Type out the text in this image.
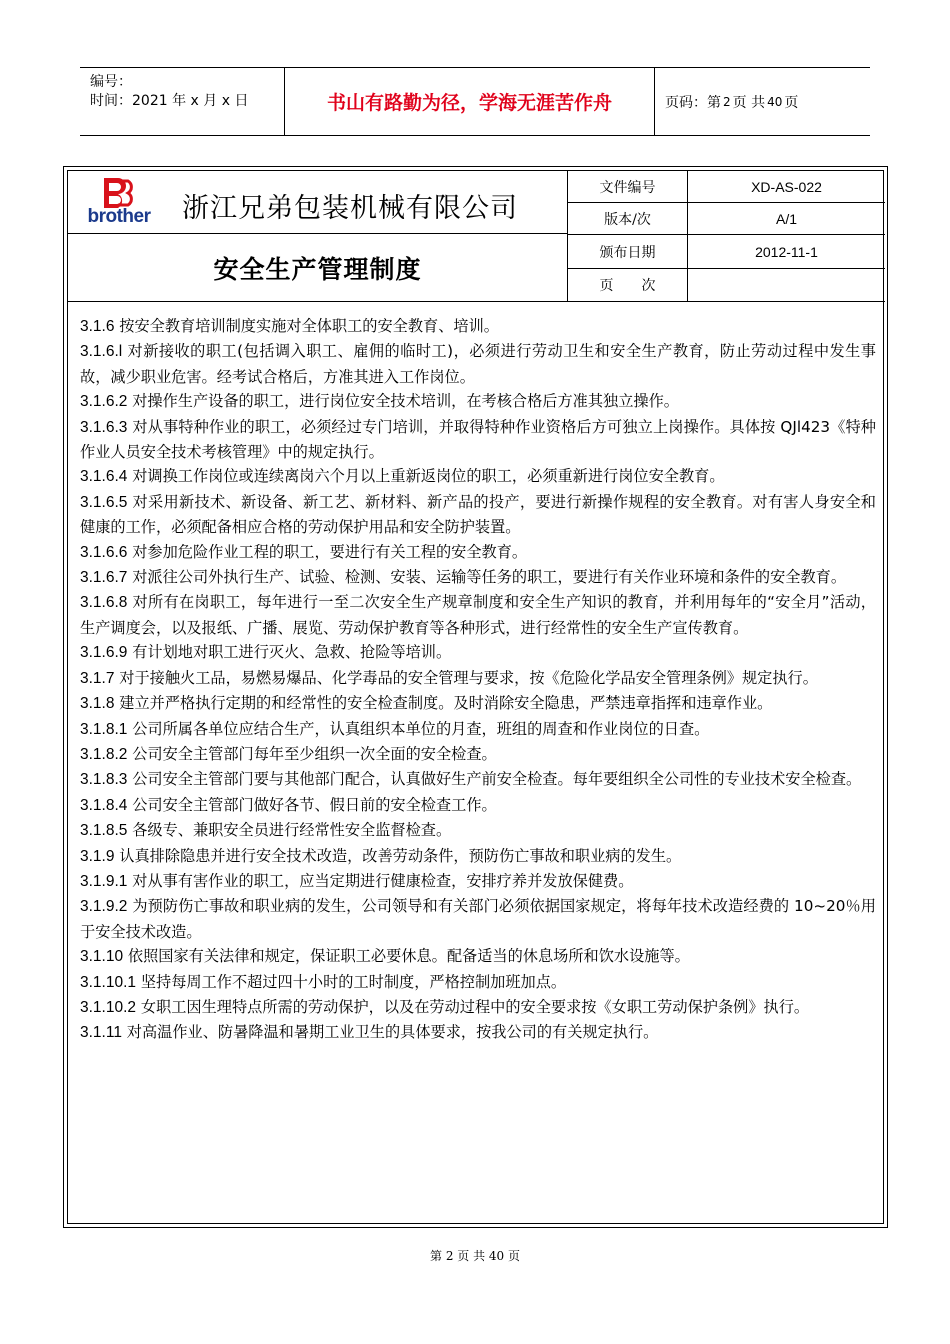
编号：
时间：2021 年 x 月 x 日	书山有路勤为径，学海无涯苦作舟	页码：第 2 页 共 40 页
brother 浙江兄弟包装机械有限公司
安全生产管理制度
文件编号	XD-AS-022
版本/次	A/1
颁布日期	2012-11-1
页　　次

3.1.6 按安全教育培训制度实施对全体职工的安全教育、培训。

3.1.6.l 对新接收的职工(包括调入职工、雇佣的临时工)，必须进行劳动卫生和安全生产教育，防止劳动过程中发生事故，减少职业危害。经考试合格后，方准其进入工作岗位。

3.1.6.2 对操作生产设备的职工，进行岗位安全技术培训，在考核合格后方准其独立操作。

3.1.6.3 对从事特种作业的职工，必须经过专门培训，并取得特种作业资格后方可独立上岗操作。具体按 QJl423《特种作业人员安全技术考核管理》中的规定执行。

3.1.6.4 对调换工作岗位或连续离岗六个月以上重新返岗位的职工，必须重新进行岗位安全教育。

3.1.6.5 对采用新技术、新设备、新工艺、新材料、新产品的投产，要进行新操作规程的安全教育。对有害人身安全和健康的工作，必须配备相应合格的劳动保护用品和安全防护装置。

3.1.6.6 对参加危险作业工程的职工，要进行有关工程的安全教育。

3.1.6.7 对派往公司外执行生产、试验、检测、安装、运输等任务的职工，要进行有关作业环境和条件的安全教育。

3.1.6.8 对所有在岗职工，每年进行一至二次安全生产规章制度和安全生产知识的教育，并利用每年的“安全月”活动，生产调度会，以及报纸、广播、展览、劳动保护教育等各种形式，进行经常性的安全生产宣传教育。

3.1.6.9 有计划地对职工进行灭火、急救、抢险等培训。

3.1.7 对于接触火工品，易燃易爆品、化学毒品的安全管理与要求，按《危险化学品安全管理条例》规定执行。

3.1.8 建立并严格执行定期的和经常性的安全检查制度。及时消除安全隐患，严禁违章指挥和违章作业。

3.1.8.1 公司所属各单位应结合生产，认真组织本单位的月查，班组的周查和作业岗位的日查。

3.1.8.2 公司安全主管部门每年至少组织一次全面的安全检查。

3.1.8.3 公司安全主管部门要与其他部门配合，认真做好生产前安全检查。每年要组织全公司性的专业技术安全检查。

3.1.8.4 公司安全主管部门做好各节、假日前的安全检查工作。

3.1.8.5 各级专、兼职安全员进行经常性安全监督检查。

3.1.9 认真排除隐患并进行安全技术改造，改善劳动条件，预防伤亡事故和职业病的发生。

3.1.9.1 对从事有害作业的职工，应当定期进行健康检查，安排疗养并发放保健费。

3.1.9.2 为预防伤亡事故和职业病的发生，公司领导和有关部门必须依据国家规定，将每年技术改造经费的 10~20％用于安全技术改造。

3.1.10 依照国家有关法律和规定，保证职工必要休息。配备适当的休息场所和饮水设施等。

3.1.10.1 坚持每周工作不超过四十小时的工时制度，严格控制加班加点。

3.1.10.2 女职工因生理特点所需的劳动保护，以及在劳动过程中的安全要求按《女职工劳动保护条例》执行。

3.1.11 对高温作业、防暑降温和暑期工业卫生的具体要求，按我公司的有关规定执行。

第 2 页 共 40 页
